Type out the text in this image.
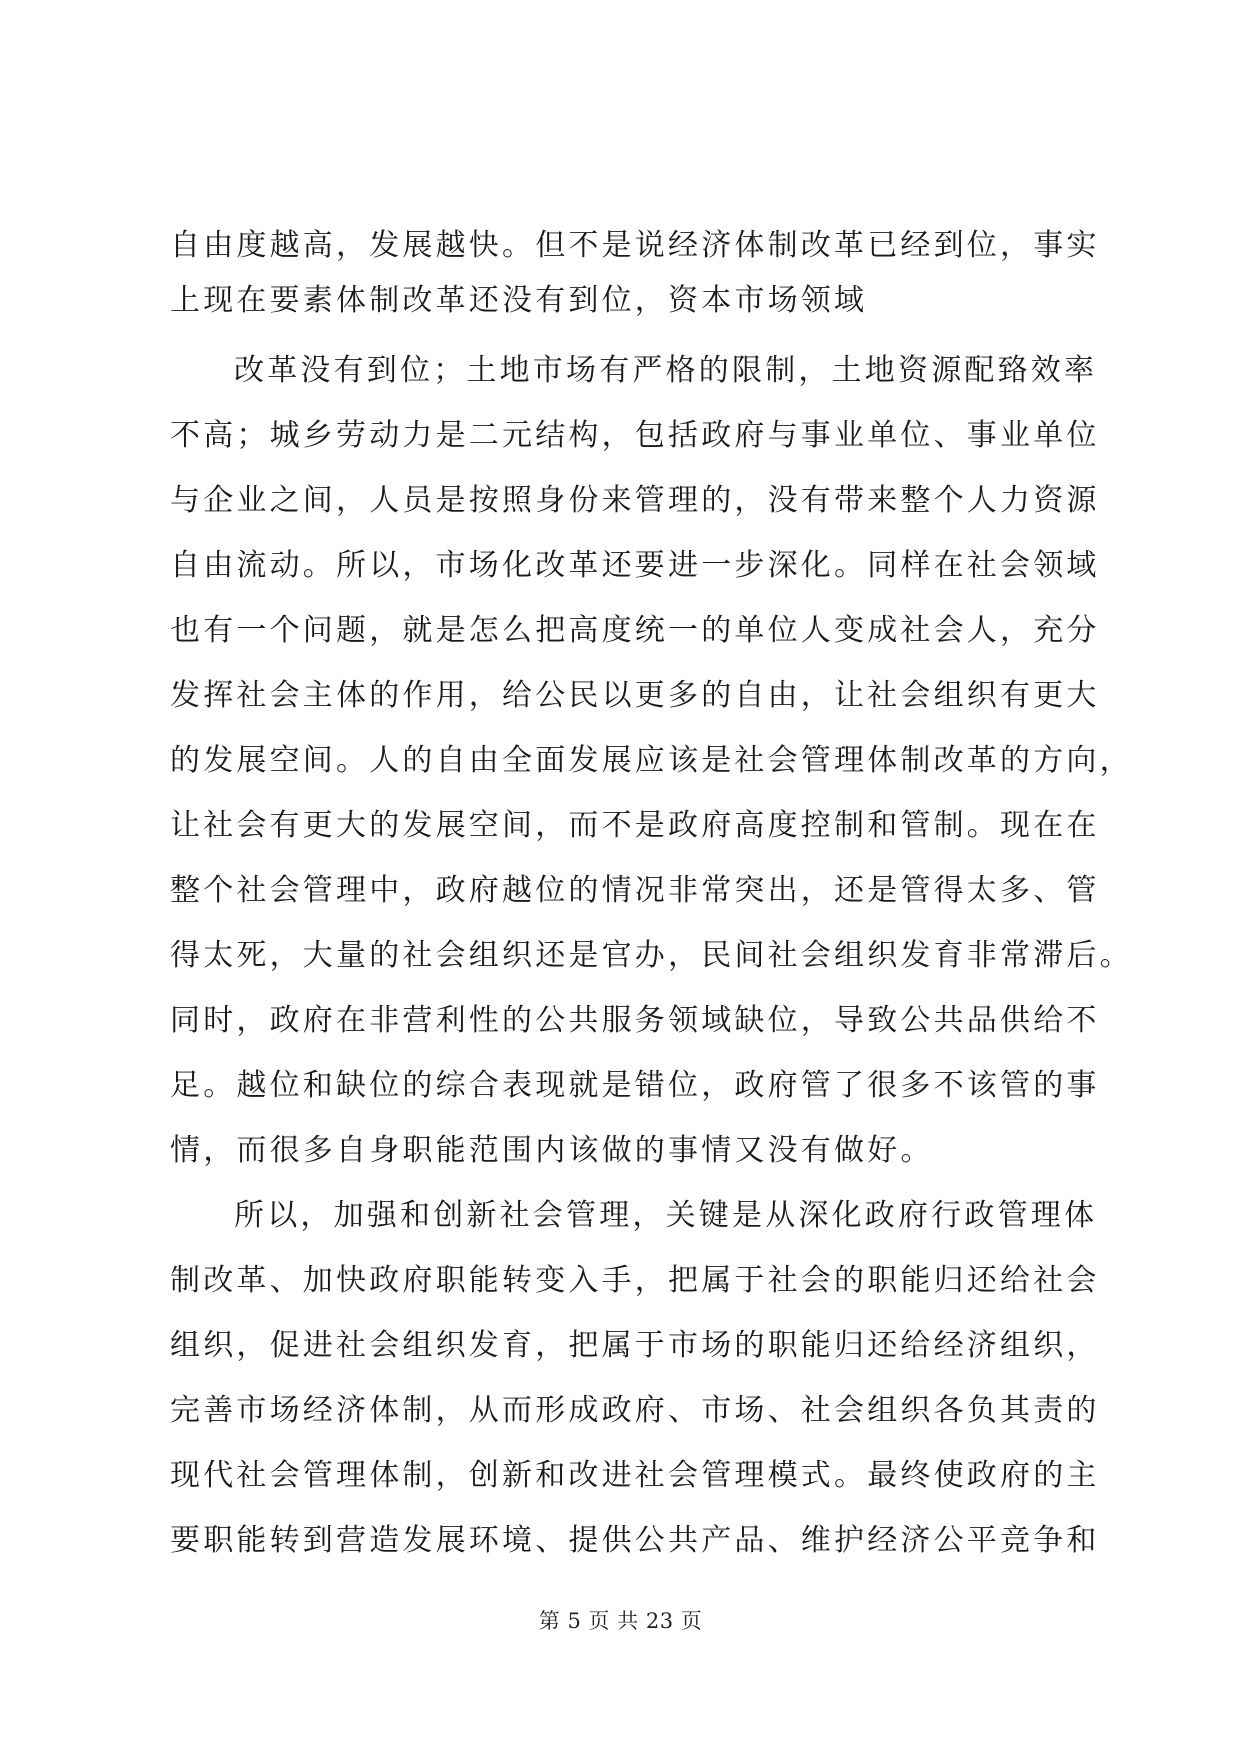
自由度越高，发展越快。但不是说经济体制改革已经到位，事实
上现在要素体制改革还没有到位，资本市场领域
改革没有到位；土地市场有严格的限制，土地资源配臵效率
不高；城乡劳动力是二元结构，包括政府与事业单位、事业单位
与企业之间，人员是按照身份来管理的，没有带来整个人力资源
自由流动。所以，市场化改革还要进一步深化。同样在社会领域
也有一个问题，就是怎么把高度统一的单位人变成社会人，充分
发挥社会主体的作用，给公民以更多的自由，让社会组织有更大
的发展空间。人的自由全面发展应该是社会管理体制改革的方向，
让社会有更大的发展空间，而不是政府高度控制和管制。现在在
整个社会管理中，政府越位的情况非常突出，还是管得太多、管
得太死，大量的社会组织还是官办，民间社会组织发育非常滞后。
同时，政府在非营利性的公共服务领域缺位，导致公共品供给不
足。越位和缺位的综合表现就是错位，政府管了很多不该管的事
情，而很多自身职能范围内该做的事情又没有做好。
所以，加强和创新社会管理，关键是从深化政府行政管理体
制改革、加快政府职能转变入手，把属于社会的职能归还给社会
组织，促进社会组织发育，把属于市场的职能归还给经济组织，
完善市场经济体制，从而形成政府、市场、社会组织各负其责的
现代社会管理体制，创新和改进社会管理模式。最终使政府的主
要职能转到营造发展环境、提供公共产品、维护经济公平竞争和
第 5 页 共 23 页
